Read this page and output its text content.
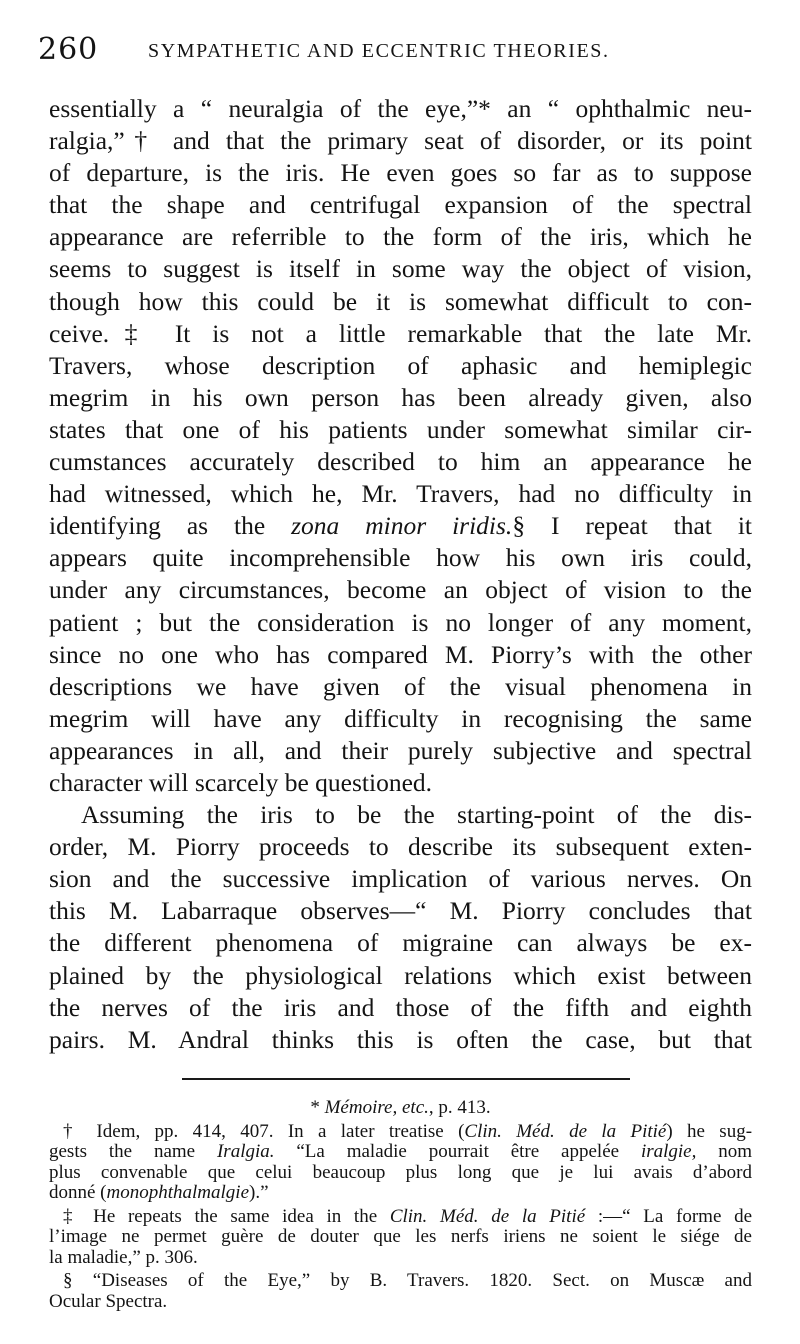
260 SYMPATHETIC AND ECCENTRIC THEORIES.
essentially a “ neuralgia of the eye,”* an “ ophthalmic neu-
ralgia,”† and that the primary seat of disorder, or its point
of departure, is the iris. He even goes so far as to suppose
that the shape and centrifugal expansion of the spectral
appearance are referrible to the form of the iris, which he
seems to suggest is itself in some way the object of vision,
though how this could be it is somewhat difficult to con-
ceive.‡ It is not a little remarkable that the late Mr.
Travers, whose description of aphasic and hemiplegic
megrim in his own person has been already given, also
states that one of his patients under somewhat similar cir-
cumstances accurately described to him an appearance he
had witnessed, which he, Mr. Travers, had no difficulty in
identifying as the zona minor iridis.§ I repeat that it
appears quite incomprehensible how his own iris could,
under any circumstances, become an object of vision to the
patient ; but the consideration is no longer of any moment,
since no one who has compared M. Piorry’s with the other
descriptions we have given of the visual phenomena in
megrim will have any difficulty in recognising the same
appearances in all, and their purely subjective and spectral
character will scarcely be questioned.
Assuming the iris to be the starting-point of the dis-
order, M. Piorry proceeds to describe its subsequent exten-
sion and the successive implication of various nerves. On
this M. Labarraque observes—“ M. Piorry concludes that
the different phenomena of migraine can always be ex-
plained by the physiological relations which exist between
the nerves of the iris and those of the fifth and eighth
pairs. M. Andral thinks this is often the case, but that
* Mémoire, etc., p. 413.
† Idem, pp. 414, 407. In a later treatise (Clin. Méd. de la Pitié) he sug-
gests the name Iralgia. “La maladie pourrait être appelée iralgie, nom
plus convenable que celui beaucoup plus long que je lui avais d’abord
donné (monophthalmalgie).”
‡ He repeats the same idea in the Clin. Méd. de la Pitié :—“ La forme de
l’image ne permet guère de douter que les nerfs iriens ne soient le siége de
la maladie,” p. 306.
§ “Diseases of the Eye,” by B. Travers. 1820. Sect. on Muscæ and
Ocular Spectra.
